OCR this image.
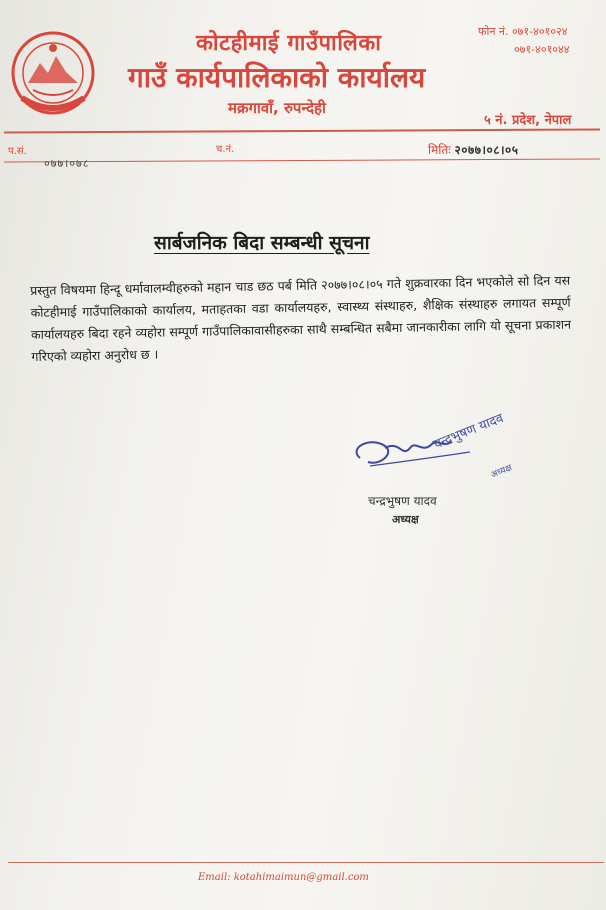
कोटहीमाई गाउँपालिका
गाउँ कार्यपालिकाको कार्यालय
मक्रगावाँ, रुपन्देही
फोन नं. ०७१-४०१०२४
०७१-४०१०४४
५ नं. प्रदेश, नेपाल
प.सं.
०७७।०७८
च.नं.	मितिः २०७७।०८।०५
सार्बजनिक बिदा सम्बन्धी सूचना
प्रस्तुत विषयमा हिन्दू धर्मावालम्वीहरुको महान चाड छठ पर्ब मिति २०७७।०८।०५ गते शुक्रवारका दिन भएकोले सो दिन यस कोटहीमाई गाउँपालिकाको कार्यालय, मताहतका वडा कार्यालयहरु, स्वास्थ्य संस्थाहरु, शैक्षिक संस्थाहरु लगायत सम्पूर्ण कार्यालयहरु बिदा रहने व्यहोरा सम्पूर्ण गाउँपालिकावासीहरुका साथै सम्बन्धित सबैमा जानकारीका लागि यो सूचना प्रकाशन गरिएको व्यहोरा अनुरोध छ ।
चन्द्रभुषण यादव
अध्यक्ष
चन्द्रभुषण यादव
अध्यक्ष
Email: kotahimaimun@gmail.com
